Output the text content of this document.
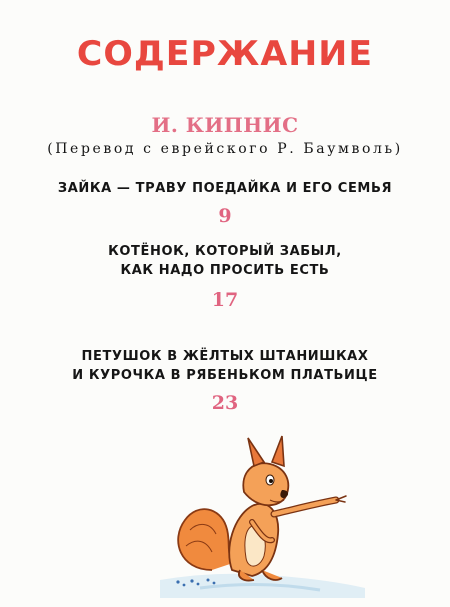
СОДЕРЖАНИЕ
И. КИПНИС
(Перевод с еврейского Р. Баумволь)
ЗАЙКА — ТРАВУ ПОЕДАЙКА И ЕГО СЕМЬЯ
9
КОТЁНОК, КОТОРЫЙ ЗАБЫЛ,
КАК НАДО ПРОСИТЬ ЕСТЬ
17
ПЕТУШОК В ЖЁЛТЫХ ШТАНИШКАХ
И КУРОЧКА В РЯБЕНЬКОМ ПЛАТЬИЦЕ
23
